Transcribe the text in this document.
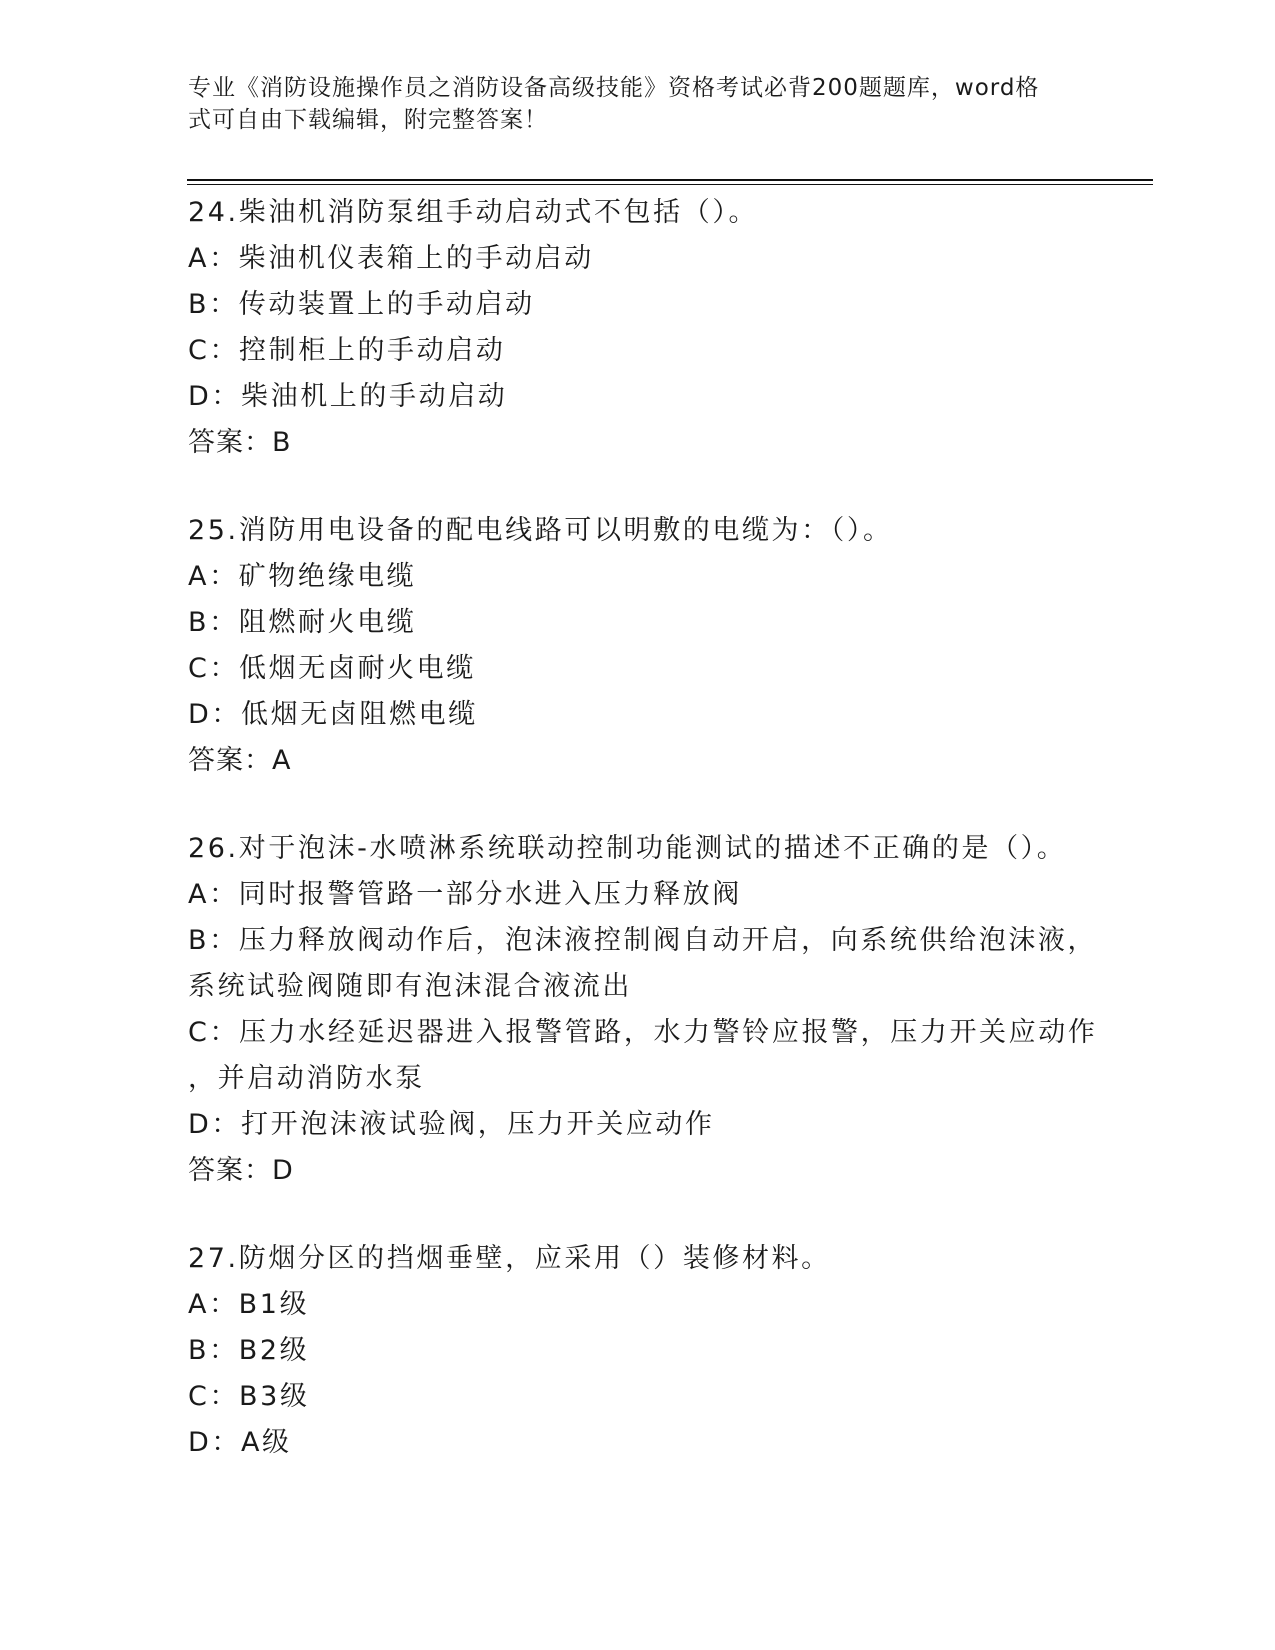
专业《消防设施操作员之消防设备高级技能》资格考试必背200题题库，word格

式可自由下载编辑，附完整答案！

24.柴油机消防泵组手动启动式不包括（）。

A：柴油机仪表箱上的手动启动

B：传动装置上的手动启动

C：控制柜上的手动启动

D：柴油机上的手动启动

答案：B

25.消防用电设备的配电线路可以明敷的电缆为：（）。

A：矿物绝缘电缆

B：阻燃耐火电缆

C：低烟无卤耐火电缆

D：低烟无卤阻燃电缆

答案：A

26.对于泡沫-水喷淋系统联动控制功能测试的描述不正确的是（）。

A：同时报警管路一部分水进入压力释放阀

B：压力释放阀动作后，泡沫液控制阀自动开启，向系统供给泡沫液，

系统试验阀随即有泡沫混合液流出

C：压力水经延迟器进入报警管路，水力警铃应报警，压力开关应动作

，并启动消防水泵

D：打开泡沫液试验阀，压力开关应动作

答案：D

27.防烟分区的挡烟垂壁，应采用（）装修材料。

A：B1级

B：B2级

C：B3级

D：A级
